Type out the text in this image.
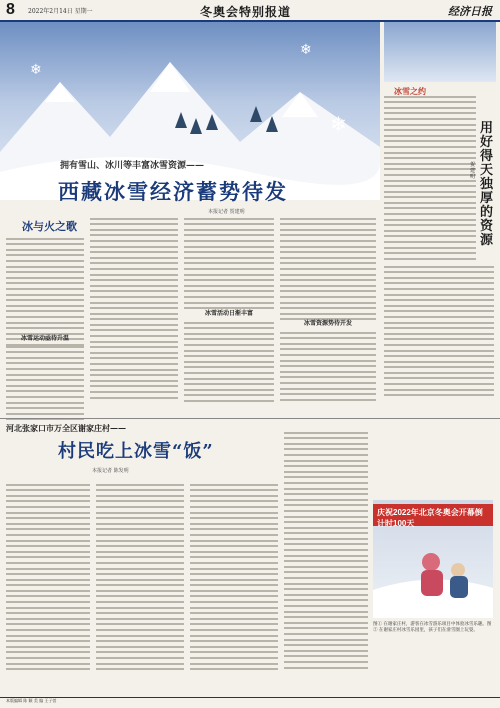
8 2022年2月14日 星期一	冬奥会特别报道	经济日报
❄
❄
❄
拥有雪山、冰川等丰富冰雪资源——
西藏冰雪经济蓄势待发
本报记者 贺建明
冰雪之约
用好得天独厚的资源
贺建明
冰与火之歌
冰雪运动亟待升温
冰雪活动日渐丰富
冰雪资源势待开发
河北张家口市万全区谢家庄村——
村民吃上冰雪“饭”
本报记者 陈发明
庆祝2022年北京冬奥会开幕倒计时100天
图① 在谢家庄村，游客在冰雪游乐项目中体验冰雪乐趣。图② 在谢家庄村冰雪乐园里，孩子们在滑雪圈上玩耍。
本版编辑 陈 颖 美 编 王子萱
